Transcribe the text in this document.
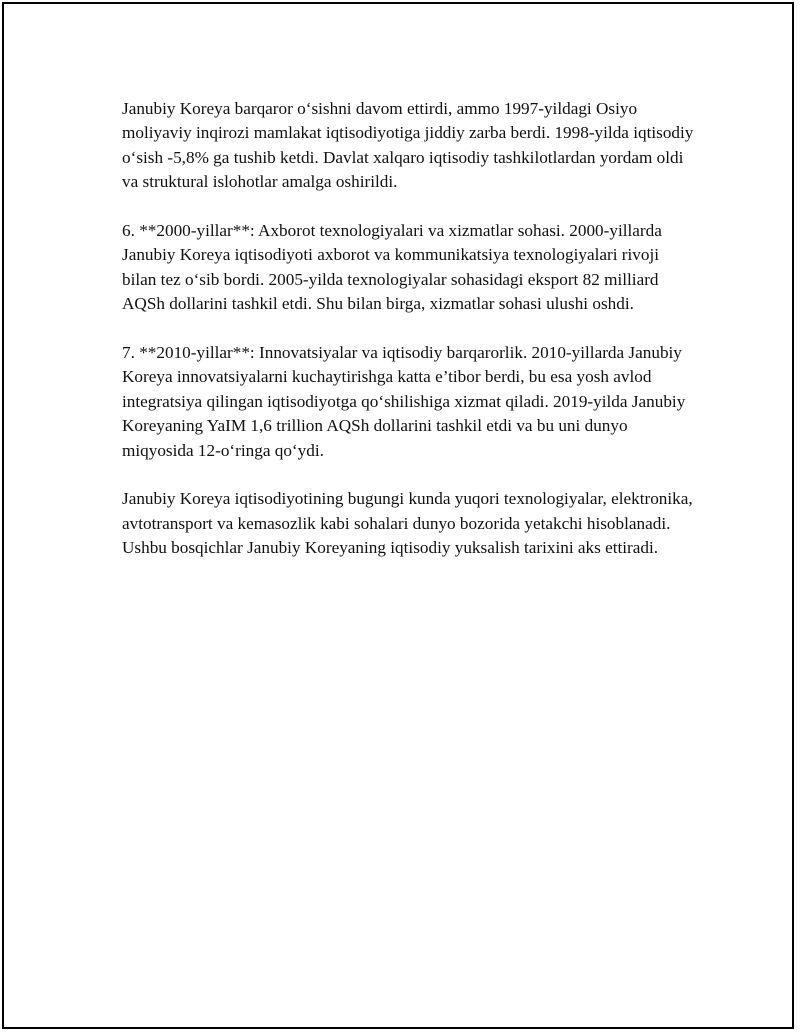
Janubiy Koreya barqaror o‘sishni davom ettirdi, ammo 1997-yildagi Osiyo moliyaviy inqirozi mamlakat iqtisodiyotiga jiddiy zarba berdi. 1998-yilda iqtisodiy o‘sish -5,8% ga tushib ketdi. Davlat xalqaro iqtisodiy tashkilotlardan yordam oldi va struktural islohotlar amalga oshirildi.

6. **2000-yillar**: Axborot texnologiyalari va xizmatlar sohasi. 2000-yillarda Janubiy Koreya iqtisodiyoti axborot va kommunikatsiya texnologiyalari rivoji bilan tez o‘sib bordi. 2005-yilda texnologiyalar sohasidagi eksport 82 milliard AQSh dollarini tashkil etdi. Shu bilan birga, xizmatlar sohasi ulushi oshdi.

7. **2010-yillar**: Innovatsiyalar va iqtisodiy barqarorlik. 2010-yillarda Janubiy Koreya innovatsiyalarni kuchaytirishga katta e’tibor berdi, bu esa yosh avlod integratsiya qilingan iqtisodiyotga qo‘shilishiga xizmat qiladi. 2019-yilda Janubiy Koreyaning YaIM 1,6 trillion AQSh dollarini tashkil etdi va bu uni dunyo miqyosida 12-o‘ringa qo‘ydi.

Janubiy Koreya iqtisodiyotining bugungi kunda yuqori texnologiyalar, elektronika, avtotransport va kemasozlik kabi sohalari dunyo bozorida yetakchi hisoblanadi. Ushbu bosqichlar Janubiy Koreyaning iqtisodiy yuksalish tarixini aks ettiradi.
